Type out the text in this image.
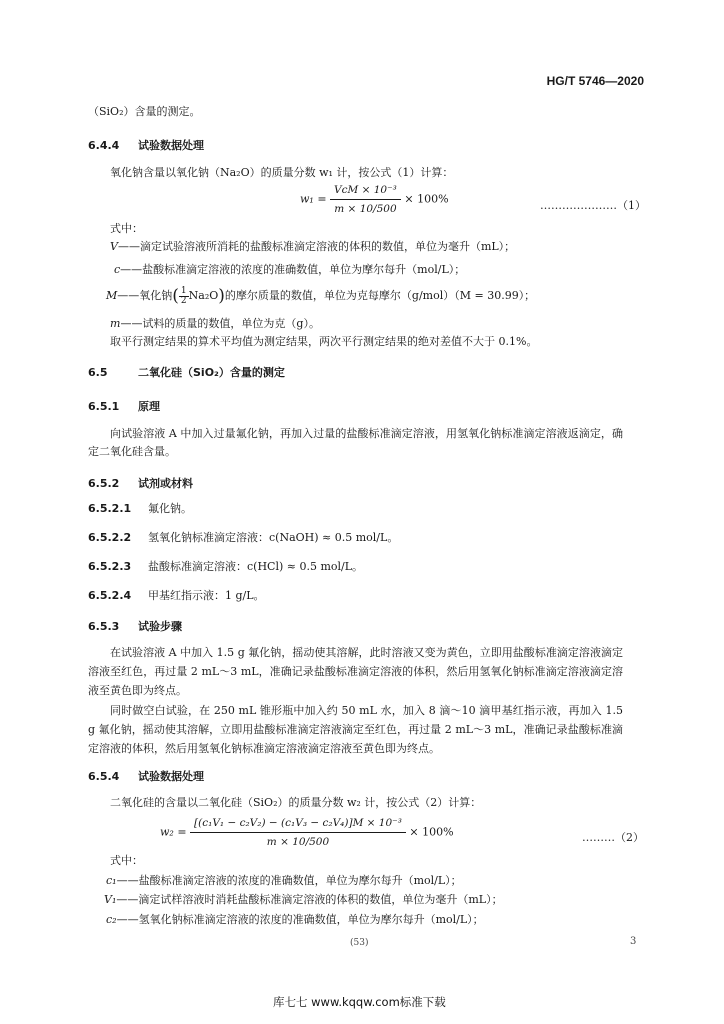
HG/T 5746—2020
（SiO₂）含量的测定。
6.4.4 试验数据处理
氧化钠含量以氧化钠（Na₂O）的质量分数 w₁ 计，按公式（1）计算：
$w_1 = \frac{\text{VcM × 10⁻³}}{m \times 10/500} \times 100\%$	…………………（1）
式中：
V——滴定试验溶液所消耗的盐酸标准滴定溶液的体积的数值，单位为毫升（mL）；
c——盐酸标准滴定溶液的浓度的准确数值，单位为摩尔每升（mol/L）；
M——氧化钠( $\frac{1}{2} Na_2O$)的摩尔质量的数值，单位为克每摩尔（g/mol）（M = 30.99）；
m——试料的质量的数值，单位为克（g）。
取平行测定结果的算术平均值为测定结果，两次平行测定结果的绝对差值不大于 0.1%。
6.5	二氧化硅（SiO₂）含量的测定
6.5.1 原理
向试验溶液 A 中加入过量氟化钠，再加入过量的盐酸标准滴定溶液，用氢氧化钠标准滴定溶液返滴定，确定二氧化硅含量。
6.5.2 试剂或材料
6.5.2.1 氟化钠。
6.5.2.2 氢氧化钠标准滴定溶液：c(NaOH) ≈ 0.5 mol/L。
6.5.2.3 盐酸标准滴定溶液：c(HCl) ≈ 0.5 mol/L。
6.5.2.4 甲基红指示液：1 g/L。
6.5.3 试验步骤
在试验溶液 A 中加入 1.5 g 氟化钠，摇动使其溶解，此时溶液又变为黄色，立即用盐酸标准滴定溶液滴定溶液至红色，再过量 2 mL～3 mL，准确记录盐酸标准滴定溶液的体积，然后用氢氧化钠标准滴定溶液滴定溶液至黄色即为终点。
同时做空白试验，在 250 mL 锥形瓶中加入约 50 mL 水，加入 8 滴～10 滴甲基红指示液，再加入 1.5 g 氟化钠，摇动使其溶解，立即用盐酸标准滴定溶液滴定至红色，再过量 2 mL～3 mL，准确记录盐酸标准滴定溶液的体积，然后用氢氧化钠标准滴定溶液滴定溶液至黄色即为终点。
6.5.4 试验数据处理
二氧化硅的含量以二氧化硅（SiO₂）的质量分数 w₂ 计，按公式（2）计算：
$w_2 = \frac{\text{[(c₁V₁ − c₂V₂) − (c₁V₃ − c₂V₄)]M × 10⁻³}}{m \times 10/500} \times 100\%$	………（2）
式中：
c₁——盐酸标准滴定溶液的浓度的准确数值，单位为摩尔每升（mol/L）；
V₁——滴定试样溶液时消耗盐酸标准滴定溶液的体积的数值，单位为毫升（mL）；
c₂——氢氧化钠标准滴定溶液的浓度的准确数值，单位为摩尔每升（mol/L）；
(53)	3
库七七 www.kqqw.com标准下载
